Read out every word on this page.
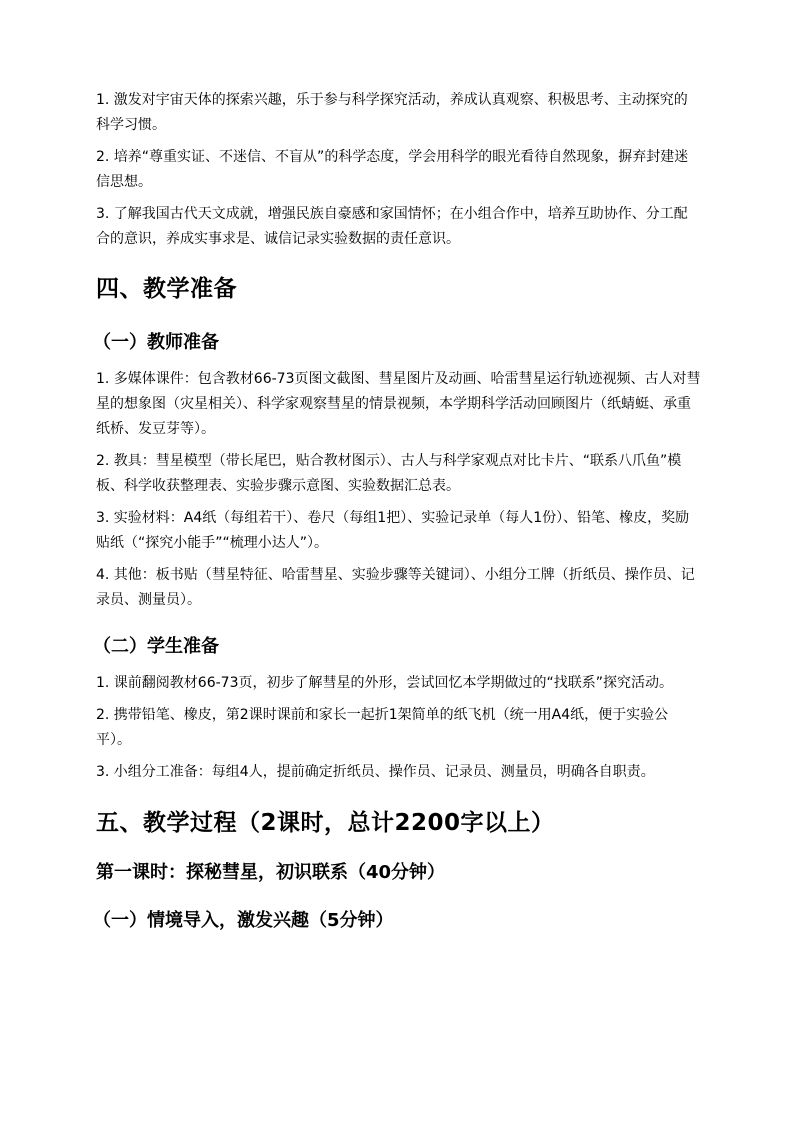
1. 激发对宇宙天体的探索兴趣，乐于参与科学探究活动，养成认真观察、积极思考、主动探究的科学习惯。

2. 培养“尊重实证、不迷信、不盲从”的科学态度，学会用科学的眼光看待自然现象，摒弃封建迷信思想。

3. 了解我国古代天文成就，增强民族自豪感和家国情怀；在小组合作中，培养互助协作、分工配合的意识，养成实事求是、诚信记录实验数据的责任意识。

四、教学准备
（一）教师准备

1. 多媒体课件：包含教材66-73页图文截图、彗星图片及动画、哈雷彗星运行轨迹视频、古人对彗星的想象图（灾星相关）、科学家观察彗星的情景视频，本学期科学活动回顾图片（纸蜻蜓、承重纸桥、发豆芽等）。

2. 教具：彗星模型（带长尾巴，贴合教材图示）、古人与科学家观点对比卡片、“联系八爪鱼”模板、科学收获整理表、实验步骤示意图、实验数据汇总表。

3. 实验材料：A4纸（每组若干）、卷尺（每组1把）、实验记录单（每人1份）、铅笔、橡皮，奖励贴纸（“探究小能手”“梳理小达人”）。

4. 其他：板书贴（彗星特征、哈雷彗星、实验步骤等关键词）、小组分工牌（折纸员、操作员、记录员、测量员）。

（二）学生准备

1. 课前翻阅教材66-73页，初步了解彗星的外形，尝试回忆本学期做过的“找联系”探究活动。

2. 携带铅笔、橡皮，第2课时课前和家长一起折1架简单的纸飞机（统一用A4纸，便于实验公平）。

3. 小组分工准备：每组4人，提前确定折纸员、操作员、记录员、测量员，明确各自职责。

五、教学过程（2课时，总计2200字以上）
第一课时：探秘彗星，初识联系（40分钟）
（一）情境导入，激发兴趣（5分钟）
